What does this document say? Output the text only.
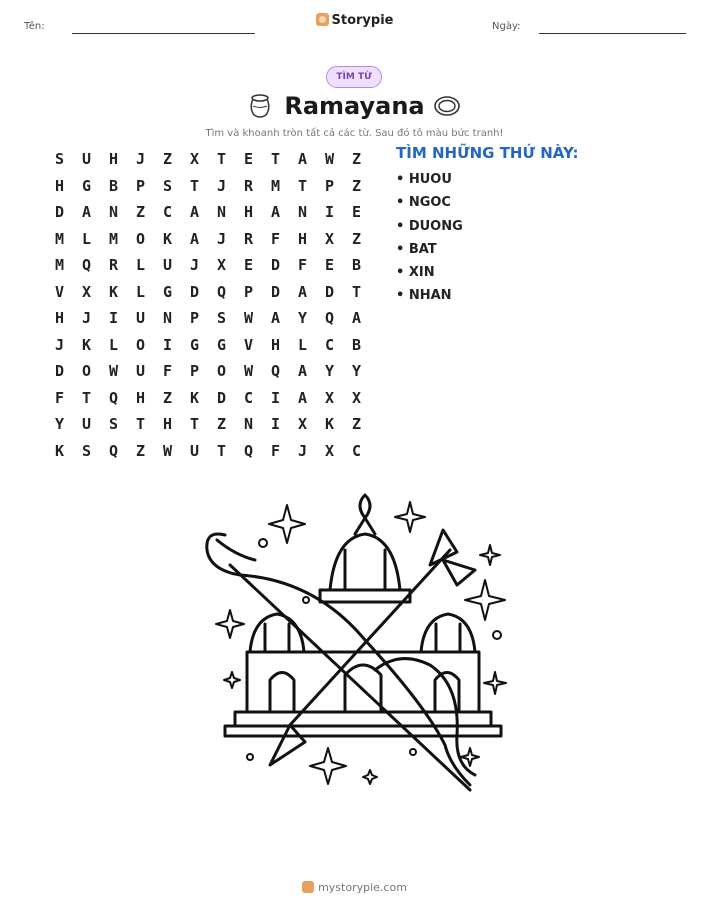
Tên:	Storypie	Ngày:
TÌM TỪ
Ramayana
Tìm và khoanh tròn tất cả các từ. Sau đó tô màu bức tranh!
S	U	H	J	Z	X	T	E	T	A	W	Z
H	G	B	P	S	T	J	R	M	T	P	Z
D	A	N	Z	C	A	N	H	A	N	I	E
M	L	M	O	K	A	J	R	F	H	X	Z
M	Q	R	L	U	J	X	E	D	F	E	B
V	X	K	L	G	D	Q	P	D	A	D	T
H	J	I	U	N	P	S	W	A	Y	Q	A
J	K	L	O	I	G	G	V	H	L	C	B
D	O	W	U	F	P	O	W	Q	A	Y	Y
F	T	Q	H	Z	K	D	C	I	A	X	X
Y	U	S	T	H	T	Z	N	I	X	K	Z
K	S	Q	Z	W	U	T	Q	F	J	X	C
TÌM NHỮNG THỨ NÀY:
• HUOU
• NGOC
• DUONG
• BAT
• XIN
• NHAN
mystorypie.com
